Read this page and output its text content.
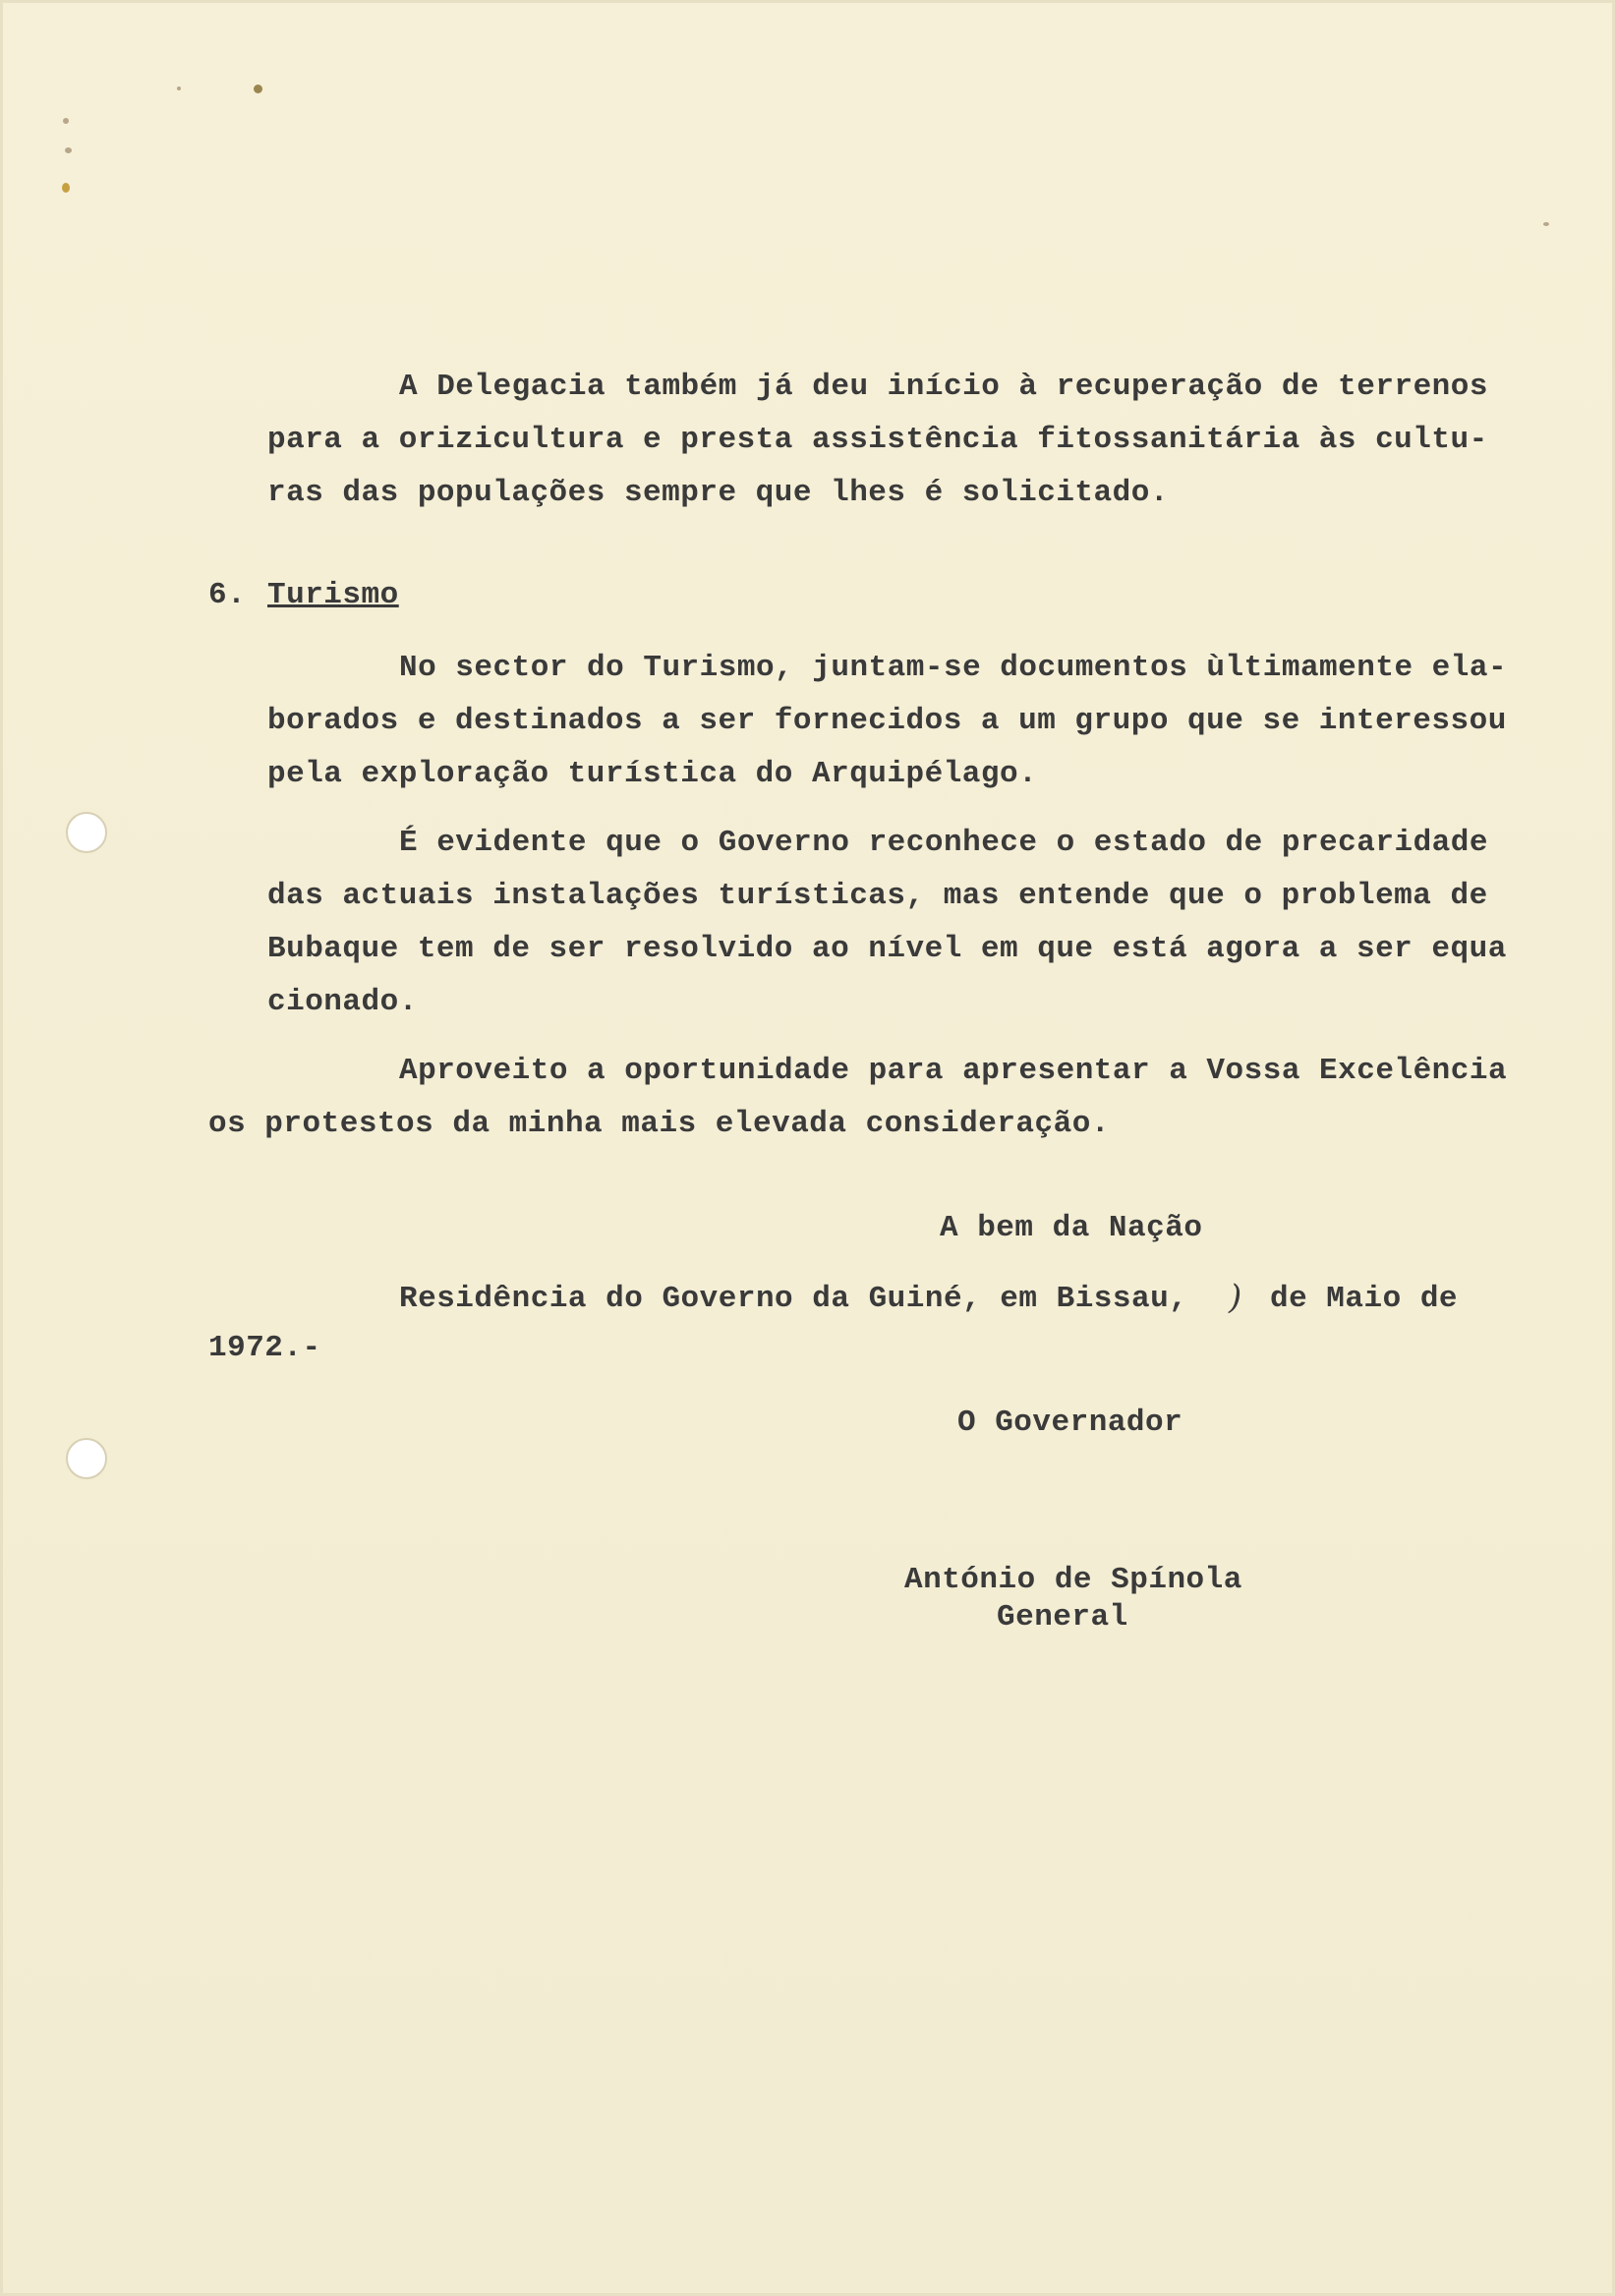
A Delegacia também já deu início à recuperação de terrenos
para a orizicultura e presta assistência fitossanitária às cultu-
ras das populações sempre que lhes é solicitado.
6. Turismo
No sector do Turismo, juntam-se documentos ùltimamente ela-
borados e destinados a ser fornecidos a um grupo que se interessou
pela exploração turística do Arquipélago.
É evidente que o Governo reconhece o estado de precaridade
das actuais instalações turísticas, mas entende que o problema de
Bubaque tem de ser resolvido ao nível em que está agora a ser equa
cionado.
Aproveito a oportunidade para apresentar a Vossa Excelência
os protestos da minha mais elevada consideração.
A bem da Nação
Residência do Governo da Guiné, em Bissau, ) de Maio de
1972.-
O Governador
António de Spínola
General
